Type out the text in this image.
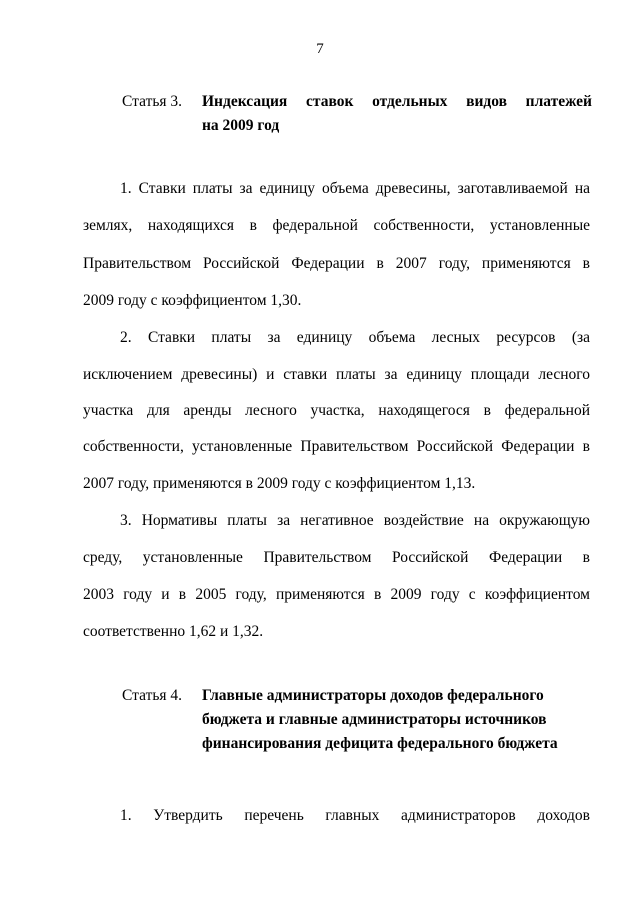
7
Статья 3. Индексация ставок отдельных видов платежей
на 2009 год
1. Ставки платы за единицу объема древесины, заготавливаемой на
землях, находящихся в федеральной собственности, установленные
Правительством Российской Федерации в 2007 году, применяются в
2009 году с коэффициентом 1,30.
2. Ставки платы за единицу объема лесных ресурсов (за
исключением древесины) и ставки платы за единицу площади лесного
участка для аренды лесного участка, находящегося в федеральной
собственности, установленные Правительством Российской Федерации в
2007 году, применяются в 2009 году с коэффициентом 1,13.
3. Нормативы платы за негативное воздействие на окружающую
среду, установленные Правительством Российской Федерации в
2003 году и в 2005 году, применяются в 2009 году с коэффициентом
соответственно 1,62 и 1,32.
Статья 4. Главные администраторы доходов федерального
бюджета и главные администраторы источников
финансирования дефицита федерального бюджета
1. Утвердить перечень главных администраторов доходов
